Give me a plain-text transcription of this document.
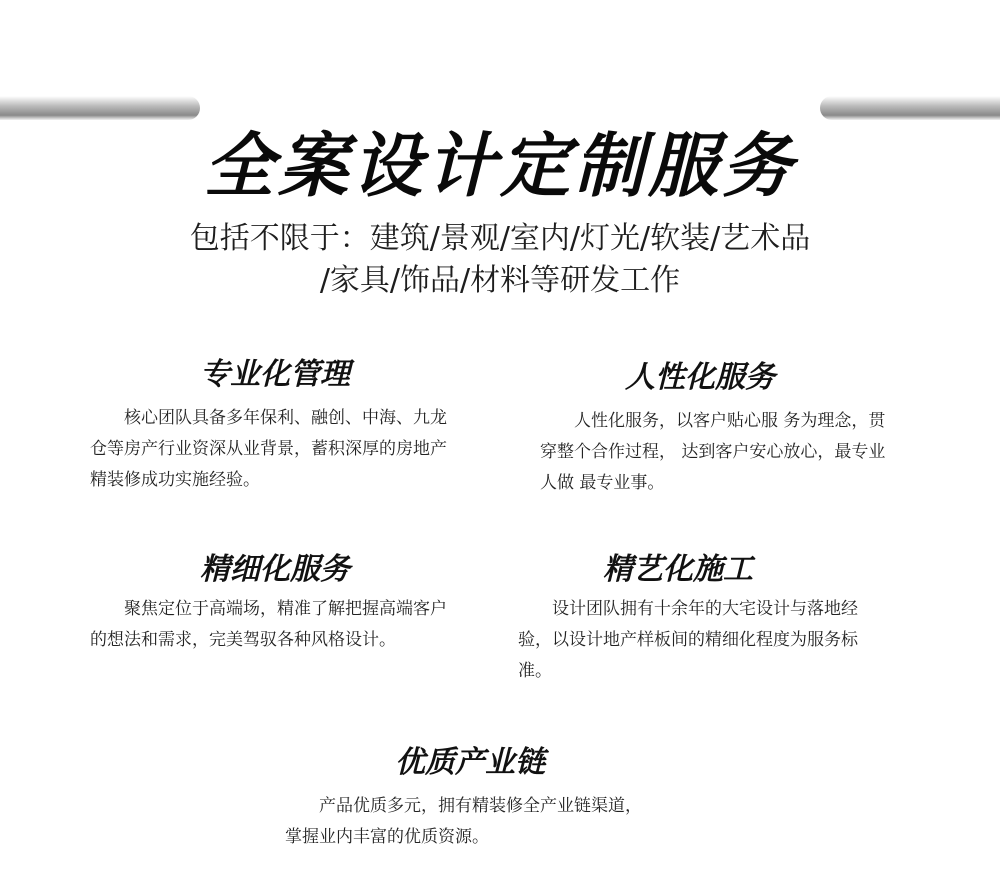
全案设计定制服务
包括不限于：建筑/景观/室内/灯光/软装/艺术品
/家具/饰品/材料等研发工作
专业化管理

核心团队具备多年保利、融创、中海、九龙仓等房产行业资深从业背景，蓄积深厚的房地产精装修成功实施经验。

人性化服务

人性化服务，以客户贴心服 务为理念，贯穿整个合作过程， 达到客户安心放心，最专业人做 最专业事。

精细化服务

聚焦定位于高端场，精准了解把握高端客户的想法和需求，完美驾驭各种风格设计。

精艺化施工

设计团队拥有十余年的大宅设计与落地经验，以设计地产样板间的精细化程度为服务标准。

优质产业链

产品优质多元，拥有精装修全产业链渠道，掌握业内丰富的优质资源。
